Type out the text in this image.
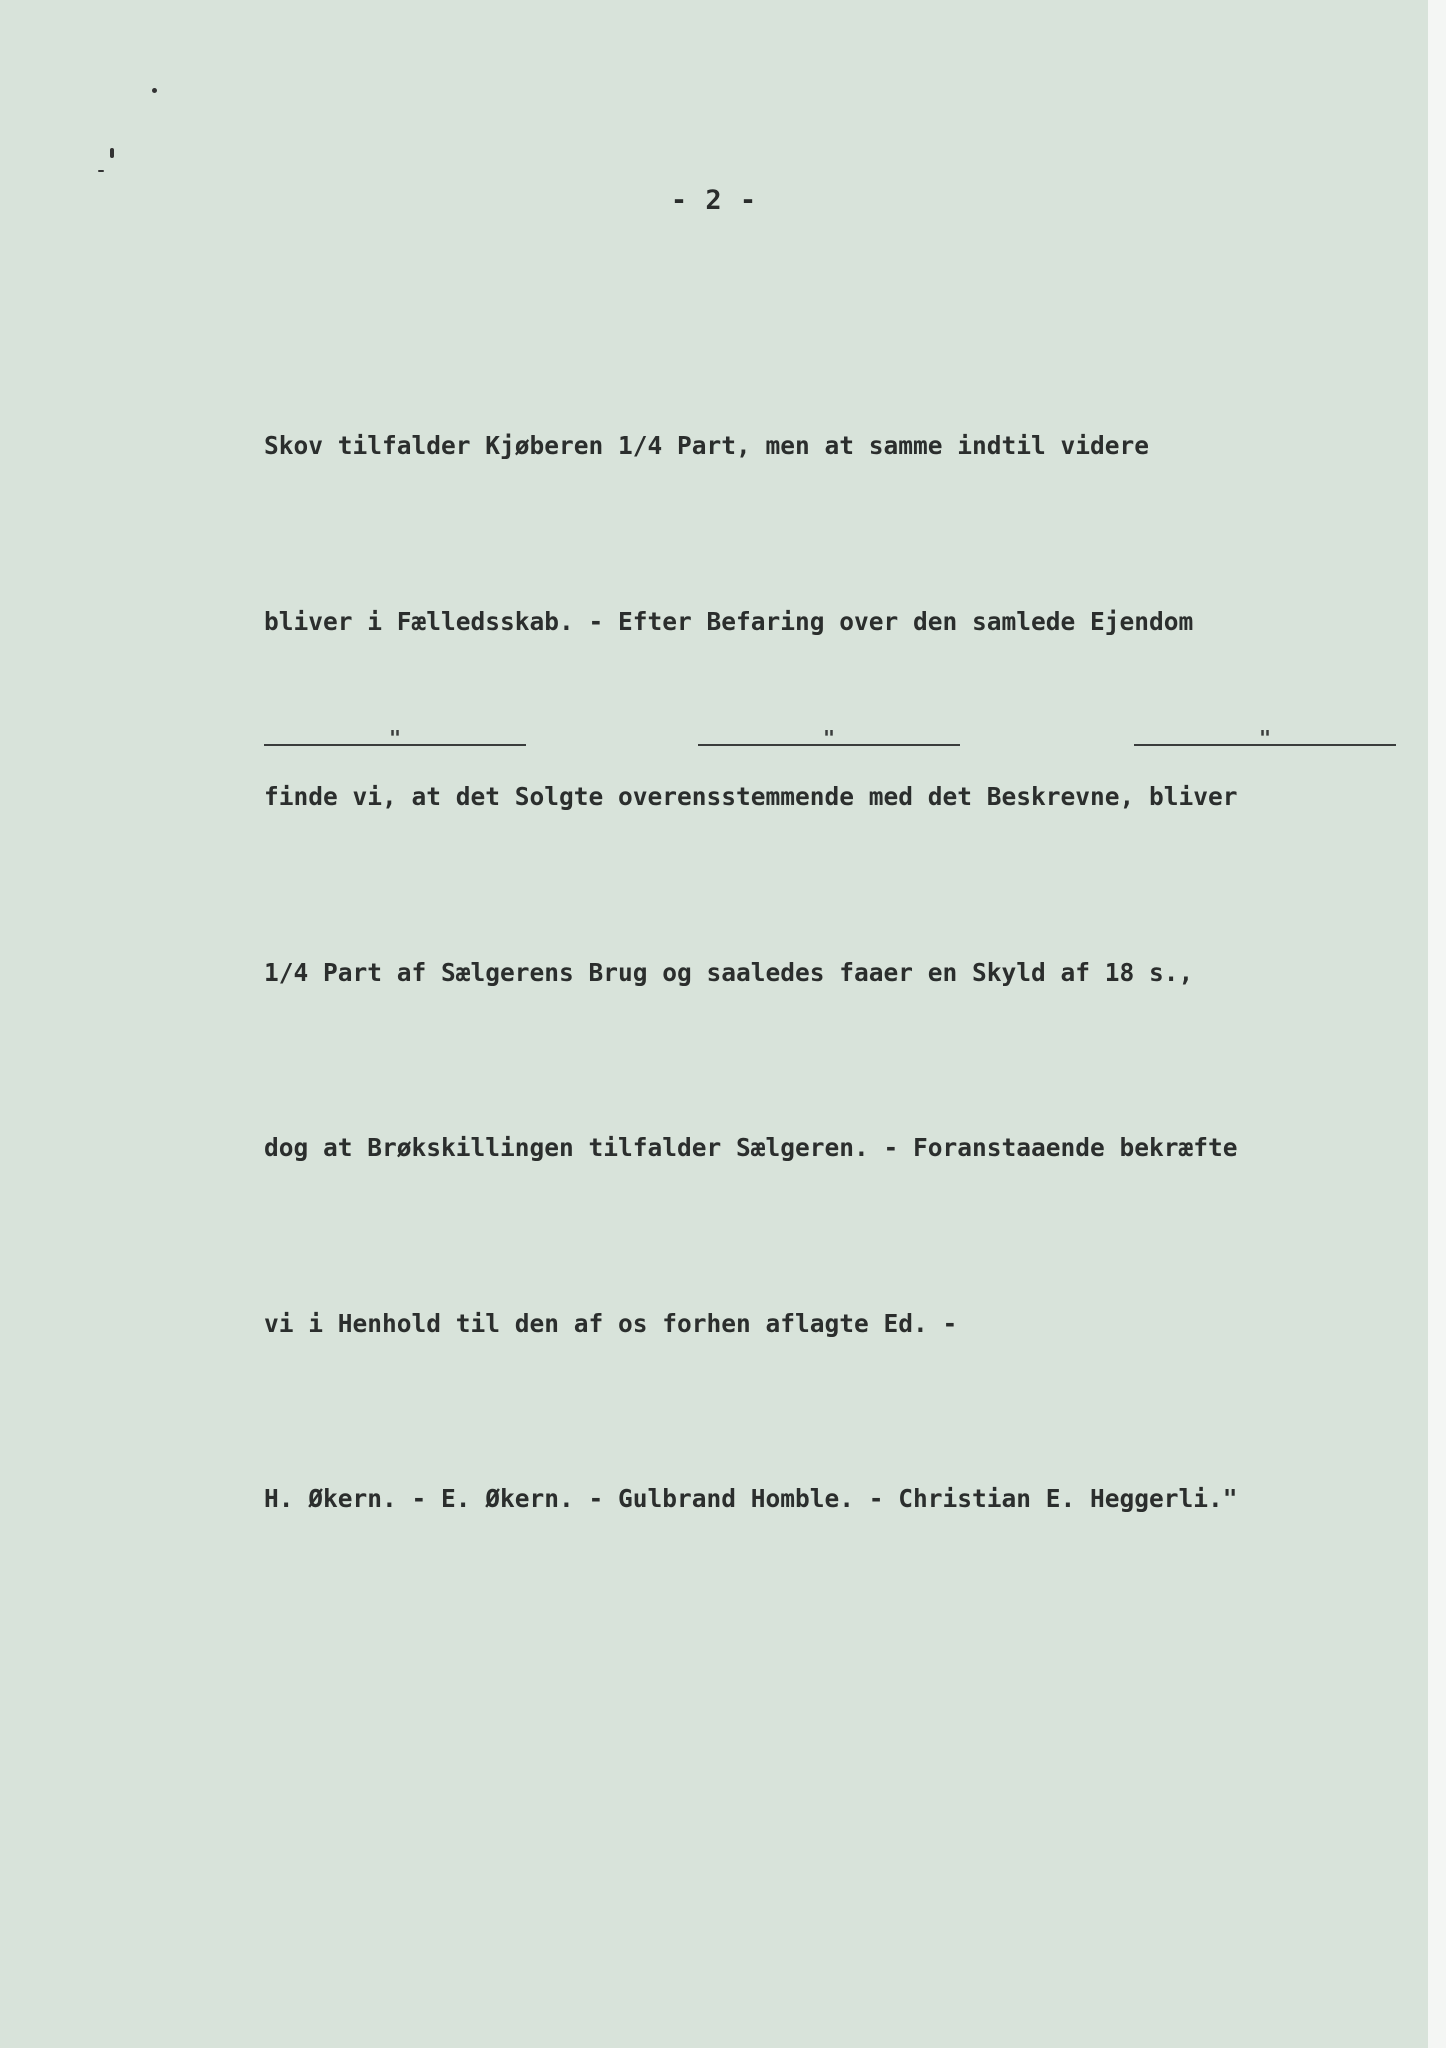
- 2 -

Skov tilfalder Kjøberen 1/4 Part, men at samme indtil videre

bliver i Fælledsskab. - Efter Befaring over den samlede Ejendom

finde vi, at det Solgte overensstemmende med det Beskrevne, bliver

1/4 Part af Sælgerens Brug og saaledes faaer en Skyld af 18 s.,

dog at Brøkskillingen tilfalder Sælgeren. - Foranstaaende bekræfte

vi i Henhold til den af os forhen aflagte Ed. -

H. Økern. - E. Økern. - Gulbrand Homble. - Christian E. Heggerli."

"	"	"
